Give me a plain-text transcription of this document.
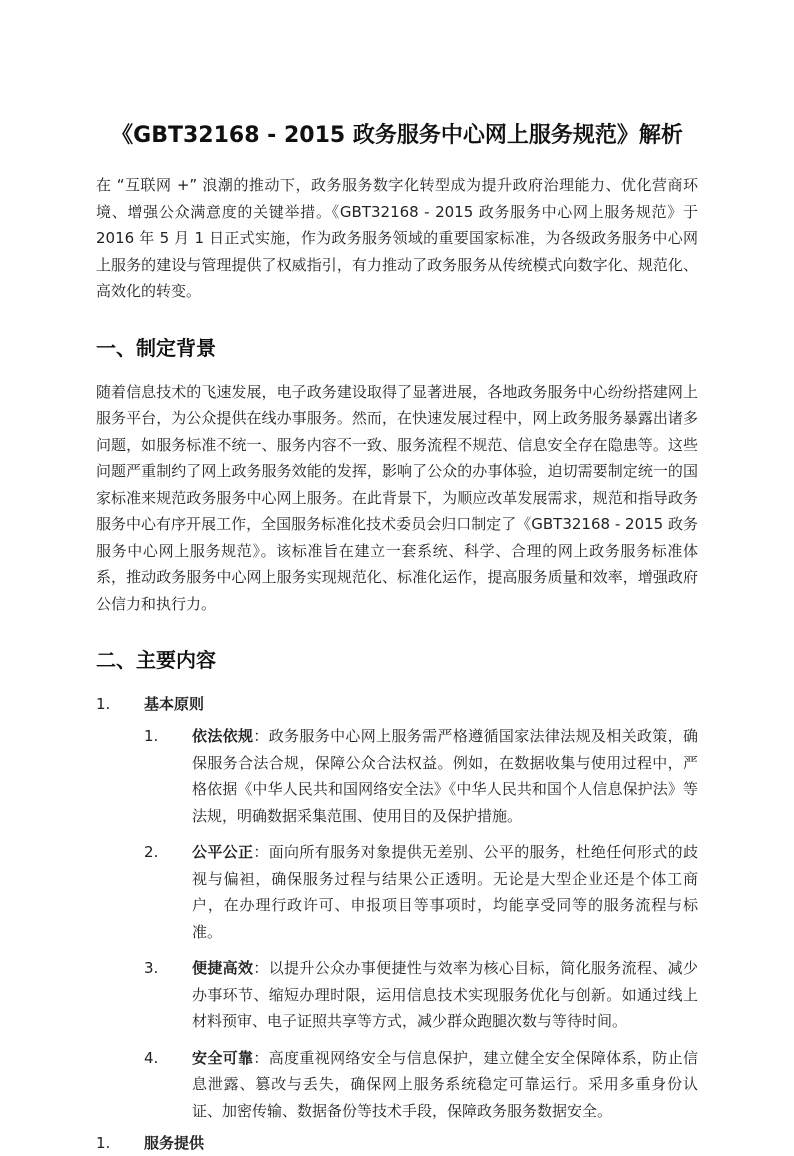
《GBT32168 - 2015 政务服务中心网上服务规范》解析

在 “互联网 +” 浪潮的推动下，政务服务数字化转型成为提升政府治理能力、优化营商环境、增强公众满意度的关键举措。《GBT32168 - 2015 政务服务中心网上服务规范》于 2016 年 5 月 1 日正式实施，作为政务服务领域的重要国家标准，为各级政务服务中心网上服务的建设与管理提供了权威指引，有力推动了政务服务从传统模式向数字化、规范化、高效化的转变。

一、制定背景

随着信息技术的飞速发展，电子政务建设取得了显著进展，各地政务服务中心纷纷搭建网上服务平台，为公众提供在线办事服务。然而，在快速发展过程中，网上政务服务暴露出诸多问题，如服务标准不统一、服务内容不一致、服务流程不规范、信息安全存在隐患等。这些问题严重制约了网上政务服务效能的发挥，影响了公众的办事体验，迫切需要制定统一的国家标准来规范政务服务中心网上服务。在此背景下，为顺应改革发展需求，规范和指导政务服务中心有序开展工作，全国服务标准化技术委员会归口制定了《GBT32168 - 2015 政务服务中心网上服务规范》。该标准旨在建立一套系统、科学、合理的网上政务服务标准体系，推动政务服务中心网上服务实现规范化、标准化运作，提高服务质量和效率，增强政府公信力和执行力。

二、主要内容
1.	基本原则
1.	依法依规：政务服务中心网上服务需严格遵循国家法律法规及相关政策，确保服务合法合规，保障公众合法权益。例如，在数据收集与使用过程中，严格依据《中华人民共和国网络安全法》《中华人民共和国个人信息保护法》等法规，明确数据采集范围、使用目的及保护措施。
2.	公平公正：面向所有服务对象提供无差别、公平的服务，杜绝任何形式的歧视与偏袒，确保服务过程与结果公正透明。无论是大型企业还是个体工商户，在办理行政许可、申报项目等事项时，均能享受同等的服务流程与标准。
3.	便捷高效：以提升公众办事便捷性与效率为核心目标，简化服务流程、减少办事环节、缩短办理时限，运用信息技术实现服务优化与创新。如通过线上材料预审、电子证照共享等方式，减少群众跑腿次数与等待时间。
4.	安全可靠：高度重视网络安全与信息保护，建立健全安全保障体系，防止信息泄露、篡改与丢失，确保网上服务系统稳定可靠运行。采用多重身份认证、加密传输、数据备份等技术手段，保障政务服务数据安全。
1.	服务提供
